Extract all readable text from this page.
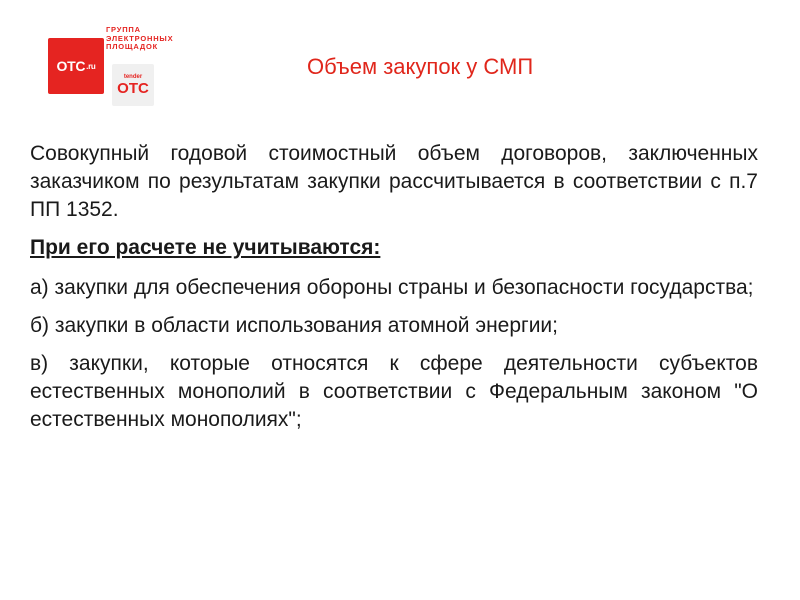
OTC .ru
ГРУППА
ЭЛЕКТРОННЫХ
ПЛОЩАДОК
tender
OTC
Объем закупок у СМП

Совокупный годовой стоимостный объем договоров, заключенных заказчиком по результатам закупки рассчитывается в соответствии с п.7 ПП 1352.

При его расчете не учитываются:

а) закупки для обеспечения обороны страны и безопасности государства;

б) закупки в области использования атомной энергии;

в) закупки, которые относятся к сфере деятельности субъектов естественных монополий в соответствии с Федеральным законом "О естественных монополиях";
